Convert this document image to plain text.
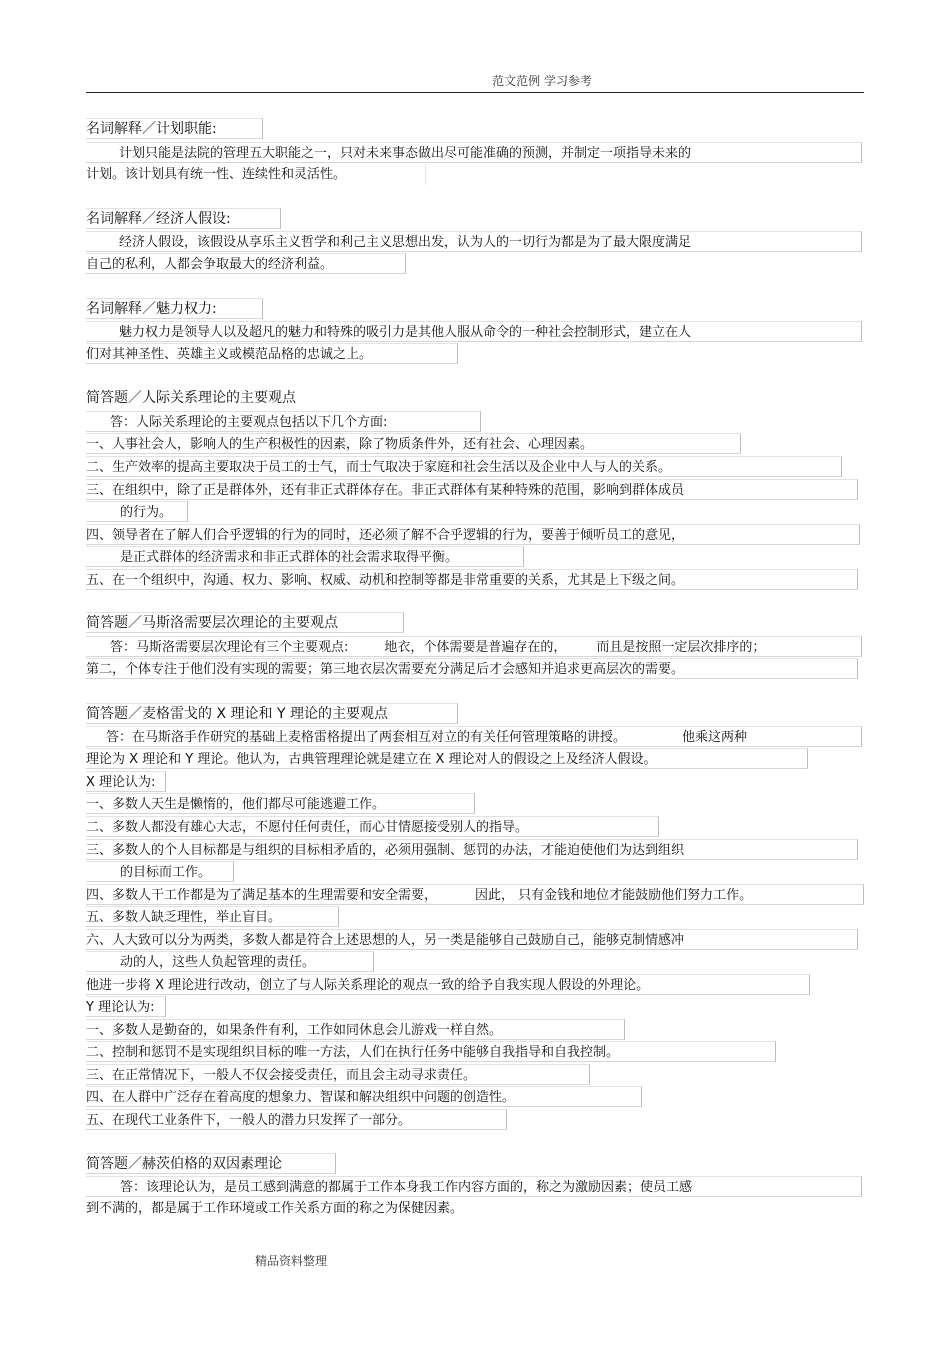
范文范例 学习参考
名词解释／计划职能:
计划只能是法院的管理五大职能之一，只对未来事态做出尽可能准确的预测，并制定一项指导未来的
计划。该计划具有统一性、连续性和灵活性。
名词解释／经济人假设:
经济人假设，该假设从享乐主义哲学和利己主义思想出发，认为人的一切行为都是为了最大限度满足
自己的私利，人都会争取最大的经济利益。
名词解释／魅力权力:
魅力权力是领导人以及超凡的魅力和特殊的吸引力是其他人服从命令的一种社会控制形式，建立在人
们对其神圣性、英雄主义或模范品格的忠诚之上。
简答题／人际关系理论的主要观点
答：人际关系理论的主要观点包括以下几个方面:
一、人事社会人，影响人的生产积极性的因素，除了物质条件外，还有社会、心理因素。
二、生产效率的提高主要取决于员工的士气，而士气取决于家庭和社会生活以及企业中人与人的关系。
三、在组织中，除了正是群体外，还有非正式群体存在。非正式群体有某种特殊的范围，影响到群体成员
的行为。
四、领导者在了解人们合乎逻辑的行为的同时，还必须了解不合乎逻辑的行为，要善于倾听员工的意见，
是正式群体的经济需求和非正式群体的社会需求取得平衡。
五、在一个组织中，沟通、权力、影响、权威、动机和控制等都是非常重要的关系，尤其是上下级之间。
简答题／马斯洛需要层次理论的主要观点
答：马斯洛需要层次理论有三个主要观点:	地衣，个体需要是普遍存在的， 而且是按照一定层次排序的；
第二，个体专注于他们没有实现的需要；第三地衣层次需要充分满足后才会感知并追求更高层次的需要。
简答题／麦格雷戈的 X 理论和 Y 理论的主要观点
答：在马斯洛手作研究的基础上麦格雷格提出了两套相互对立的有关任何管理策略的讲授。	他乘这两种
理论为 X 理论和 Y 理论。他认为，古典管理理论就是建立在 X 理论对人的假设之上及经济人假设。
X 理论认为:
一、多数人天生是懒惰的，他们都尽可能逃避工作。
二、多数人都没有雄心大志，不愿付任何责任，而心甘情愿接受别人的指导。
三、多数人的个人目标都是与组织的目标相矛盾的，必须用强制、惩罚的办法，才能迫使他们为达到组织
的目标而工作。
四、多数人干工作都是为了满足基本的生理需要和安全需要，	因此， 只有金钱和地位才能鼓励他们努力工作。
五、多数人缺乏理性，举止盲目。
六、人大致可以分为两类，多数人都是符合上述思想的人，另一类是能够自己鼓励自己，能够克制情感冲
动的人，这些人负起管理的责任。
他进一步将 X 理论进行改动，创立了与人际关系理论的观点一致的给予自我实现人假设的外理论。
Y 理论认为:
一、多数人是勤奋的，如果条件有利，工作如同休息会儿游戏一样自然。
二、控制和惩罚不是实现组织目标的唯一方法，人们在执行任务中能够自我指导和自我控制。
三、在正常情况下，一般人不仅会接受责任，而且会主动寻求责任。
四、在人群中广泛存在着高度的想象力、智谋和解决组织中问题的创造性。
五、在现代工业条件下，一般人的潜力只发挥了一部分。
简答题／赫茨伯格的双因素理论
答：该理论认为，是员工感到满意的都属于工作本身我工作内容方面的，称之为激励因素；使员工感
到不满的，都是属于工作环境或工作关系方面的称之为保健因素。
精品资料整理
